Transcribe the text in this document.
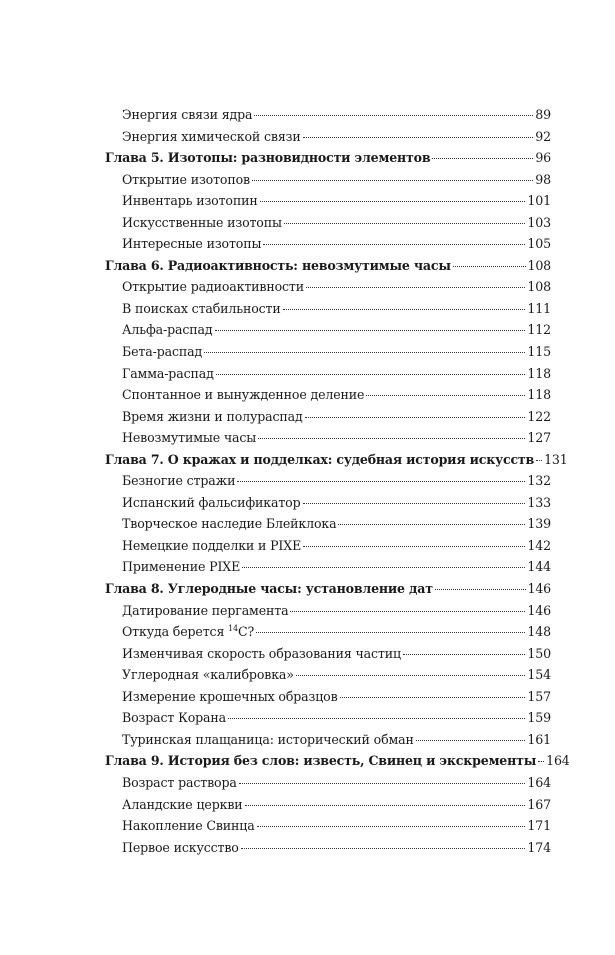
Энергия связи ядра	89
Энергия химической связи	92
Глава 5. Изотопы: разновидности элементов	96
Открытие изотопов	98
Инвентарь изотопин	101
Искусственные изотопы	103
Интересные изотопы	105
Глава 6. Радиоактивность: невозмутимые часы	108
Открытие радиоактивности	108
В поисках стабильности	111
Альфа-распад	112
Бета-распад	115
Гамма-распад	118
Спонтанное и вынужденное деление	118
Время жизни и полураспад	122
Невозмутимые часы	127
Глава 7. О кражах и подделках: судебная история искусств 131
Безногие стражи	132
Испанский фальсификатор	133
Творческое наследие Блейклока	139
Немецкие подделки и PIXE	142
Применение PIXE	144
Глава 8. Углеродные часы: установление дат	146
Датирование пергамента	146
Откуда берется $^{14}$С?	148
Изменчивая скорость образования частиц	150
Углеродная «калибровка»	154
Измерение крошечных образцов	157
Возраст Корана	159
Туринская плащаница: исторический обман	161
Глава 9. История без слов: известь, Свинец и экскременты 164
Возраст раствора	164
Аландские церкви	167
Накопление Свинца	171
Первое искусство	174
